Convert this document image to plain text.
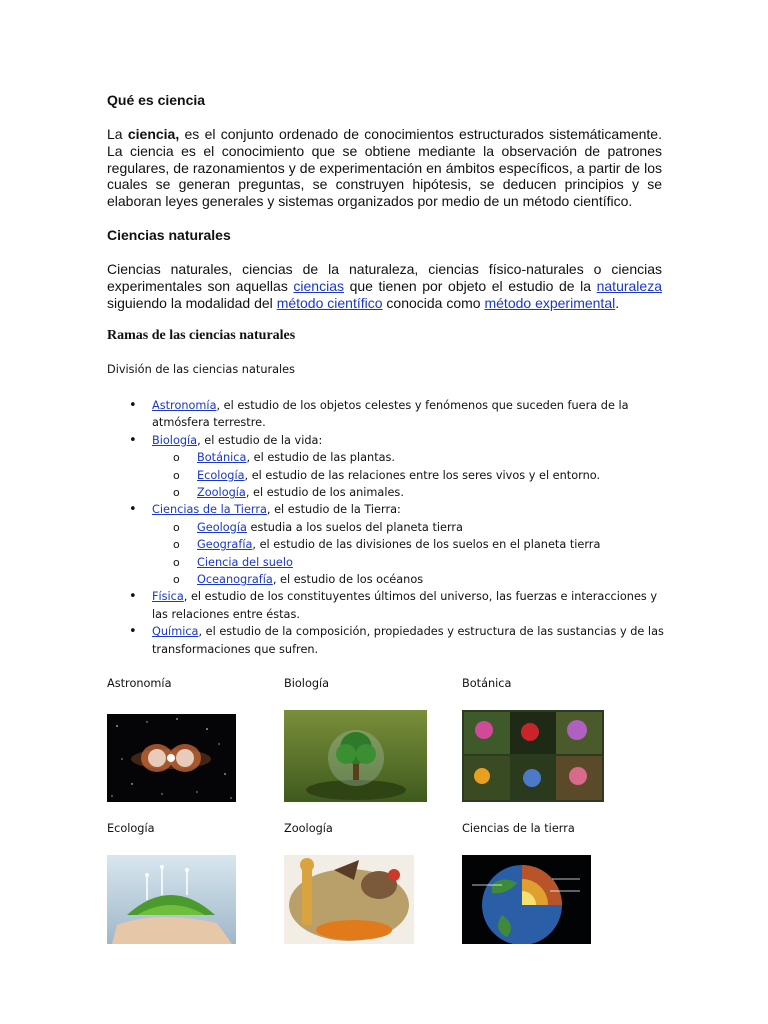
Qué es ciencia
La ciencia, es el conjunto ordenado de conocimientos estructurados sistemáticamente. La ciencia es el conocimiento que se obtiene mediante la observación de patrones regulares, de razonamientos y de experimentación en ámbitos específicos, a partir de los cuales se generan preguntas, se construyen hipótesis, se deducen principios y se elaboran leyes generales y sistemas organizados por medio de un método científico.
Ciencias naturales
Ciencias naturales, ciencias de la naturaleza, ciencias físico-naturales o ciencias experimentales son aquellas ciencias que tienen por objeto el estudio de la naturaleza siguiendo la modalidad del método científico conocida como método experimental.
Ramas de las ciencias naturales
División de las ciencias naturales
• Astronomía, el estudio de los objetos celestes y fenómenos que suceden fuera de la atmósfera terrestre.
• Biología, el estudio de la vida:
o Botánica, el estudio de las plantas.
o Ecología, el estudio de las relaciones entre los seres vivos y el entorno.
o Zoología, el estudio de los animales.
• Ciencias de la Tierra, el estudio de la Tierra:
o Geología estudia a los suelos del planeta tierra
o Geografía, el estudio de las divisiones de los suelos en el planeta tierra
o Ciencia del suelo
o Oceanografía, el estudio de los océanos
• Física, el estudio de los constituyentes últimos del universo, las fuerzas e interacciones y las relaciones entre éstas.
• Química, el estudio de la composición, propiedades y estructura de las sustancias y de las transformaciones que sufren.
Astronomía	Biología	Botánica
Ecología	Zoología	Ciencias de la tierra
